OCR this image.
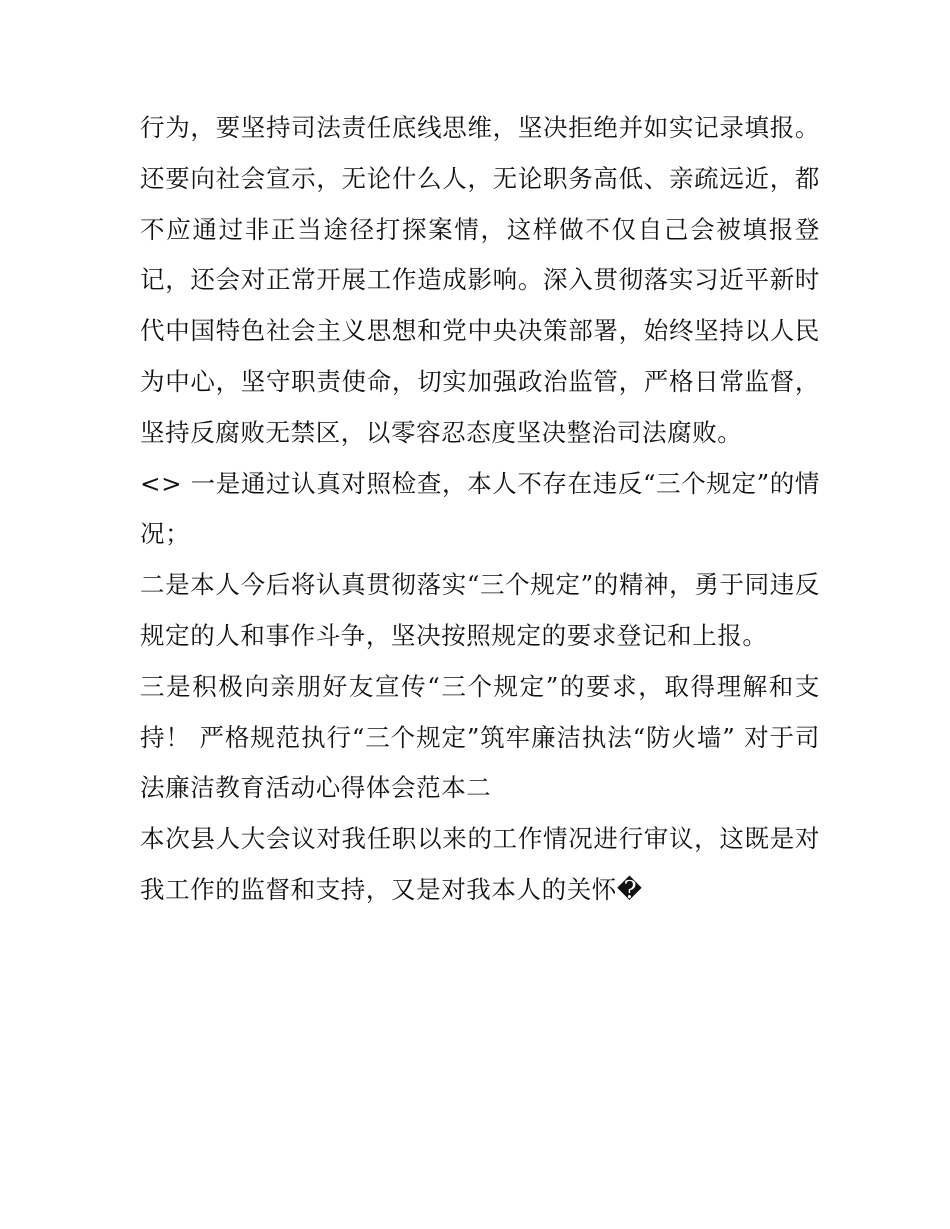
行为，要坚持司法责任底线思维，坚决拒绝并如实记录填报。还要向社会宣示，无论什么人，无论职务高低、亲疏远近，都不应通过非正当途径打探案情，这样做不仅自己会被填报登记，还会对正常开展工作造成影响。深入贯彻落实习近平新时代中国特色社会主义思想和党中央决策部署，始终坚持以人民为中心，坚守职责使命，切实加强政治监管，严格日常监督，坚持反腐败无禁区，以零容忍态度坚决整治司法腐败。

<> 一是通过认真对照检查，本人不存在违反“三个规定”的情况；

二是本人今后将认真贯彻落实“三个规定”的精神，勇于同违反规定的人和事作斗争，坚决按照规定的要求登记和上报。

三是积极向亲朋好友宣传“三个规定”的要求，取得理解和支持！ 严格规范执行“三个规定”筑牢廉洁执法“防火墙” 对于司法廉洁教育活动心得体会范本二

本次县人大会议对我任职以来的工作情况进行审议，这既是对我工作的监督和支持，又是对我本人的关怀�
